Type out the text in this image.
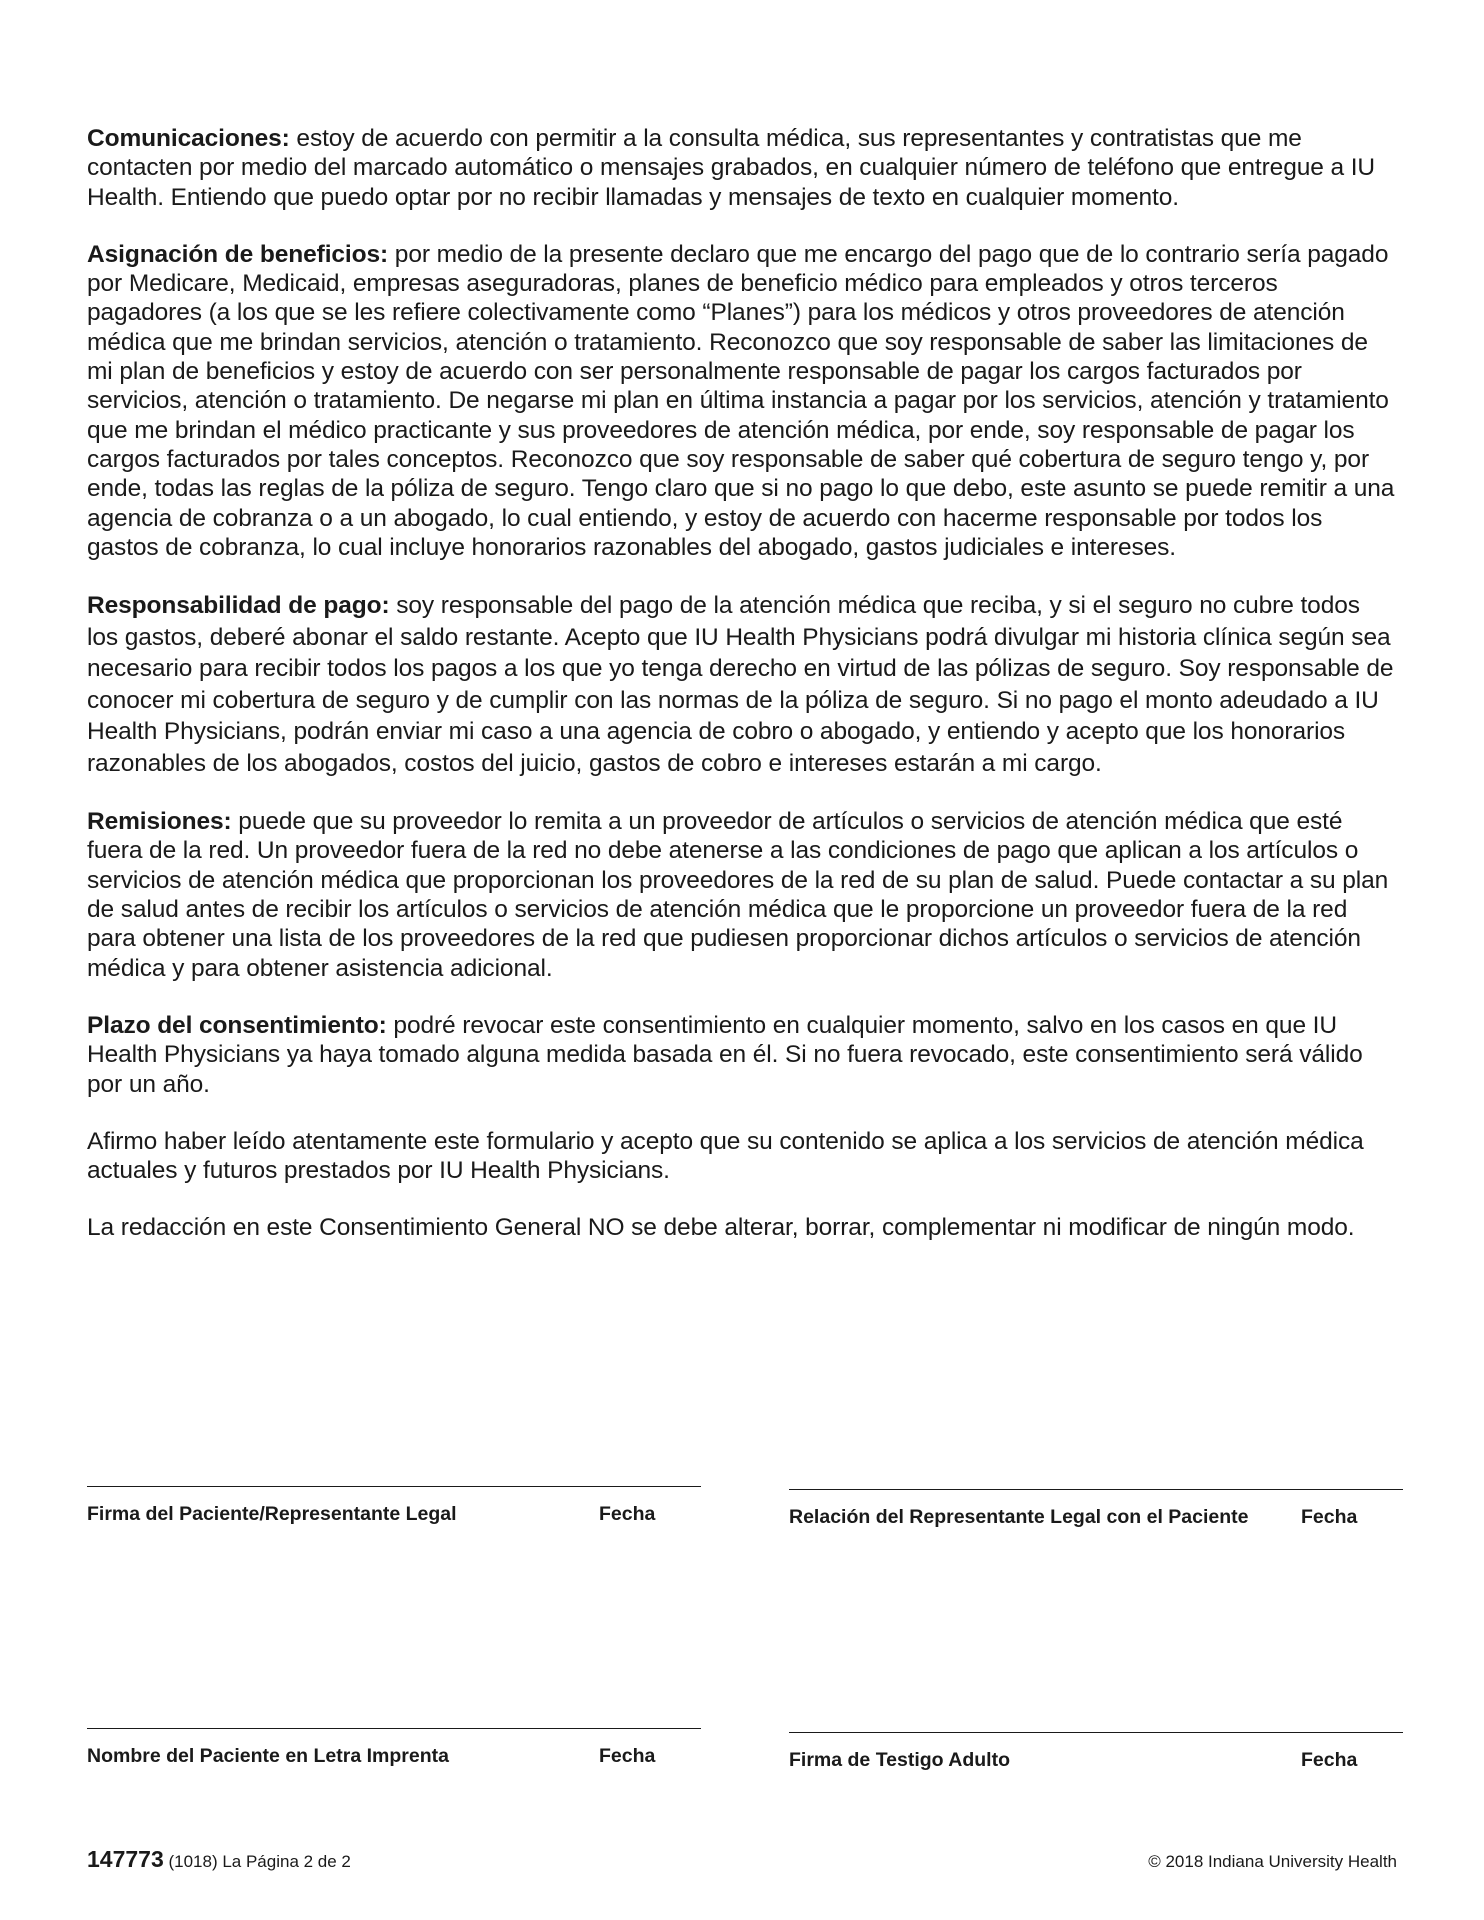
Comunicaciones: estoy de acuerdo con permitir a la consulta médica, sus representantes y contratistas que me contacten por medio del marcado automático o mensajes grabados, en cualquier número de teléfono que entregue a IU Health. Entiendo que puedo optar por no recibir llamadas y mensajes de texto en cualquier momento.

Asignación de beneficios: por medio de la presente declaro que me encargo del pago que de lo contrario sería pagado por Medicare, Medicaid, empresas aseguradoras, planes de beneficio médico para empleados y otros terceros pagadores (a los que se les refiere colectivamente como “Planes”) para los médicos y otros proveedores de atención médica que me brindan servicios, atención o tratamiento. Reconozco que soy responsable de saber las limitaciones de mi plan de beneficios y estoy de acuerdo con ser personalmente responsable de pagar los cargos facturados por servicios, atención o tratamiento. De negarse mi plan en última instancia a pagar por los servicios, atención y tratamiento que me brindan el médico practicante y sus proveedores de atención médica, por ende, soy responsable de pagar los cargos facturados por tales conceptos. Reconozco que soy responsable de saber qué cobertura de seguro tengo y, por ende, todas las reglas de la póliza de seguro. Tengo claro que si no pago lo que debo, este asunto se puede remitir a una agencia de cobranza o a un abogado, lo cual entiendo, y estoy de acuerdo con hacerme responsable por todos los gastos de cobranza, lo cual incluye honorarios razonables del abogado, gastos judiciales e intereses.

Responsabilidad de pago: soy responsable del pago de la atención médica que reciba, y si el seguro no cubre todos los gastos, deberé abonar el saldo restante. Acepto que IU Health Physicians podrá divulgar mi historia clínica según sea necesario para recibir todos los pagos a los que yo tenga derecho en virtud de las pólizas de seguro. Soy responsable de conocer mi cobertura de seguro y de cumplir con las normas de la póliza de seguro. Si no pago el monto adeudado a IU Health Physicians, podrán enviar mi caso a una agencia de cobro o abogado, y entiendo y acepto que los honorarios razonables de los abogados, costos del juicio, gastos de cobro e intereses estarán a mi cargo.

Remisiones: puede que su proveedor lo remita a un proveedor de artículos o servicios de atención médica que esté fuera de la red. Un proveedor fuera de la red no debe atenerse a las condiciones de pago que aplican a los artículos o servicios de atención médica que proporcionan los proveedores de la red de su plan de salud. Puede contactar a su plan de salud antes de recibir los artículos o servicios de atención médica que le proporcione un proveedor fuera de la red para obtener una lista de los proveedores de la red que pudiesen proporcionar dichos artículos o servicios de atención médica y para obtener asistencia adicional.

Plazo del consentimiento: podré revocar este consentimiento en cualquier momento, salvo en los casos en que IU Health Physicians ya haya tomado alguna medida basada en él. Si no fuera revocado, este consentimiento será válido por un año.

Afirmo haber leído atentamente este formulario y acepto que su contenido se aplica a los servicios de atención médica actuales y futuros prestados por IU Health Physicians.

La redacción en este Consentimiento General NO se debe alterar, borrar, complementar ni modificar de ningún modo.

Firma del Paciente/Representante Legal	Fecha	Relación del Representante Legal con el Paciente	Fecha
Nombre del Paciente en Letra Imprenta	Fecha	Firma de Testigo Adulto	Fecha
147773 (1018) La Página 2 de 2	© 2018 Indiana University Health
